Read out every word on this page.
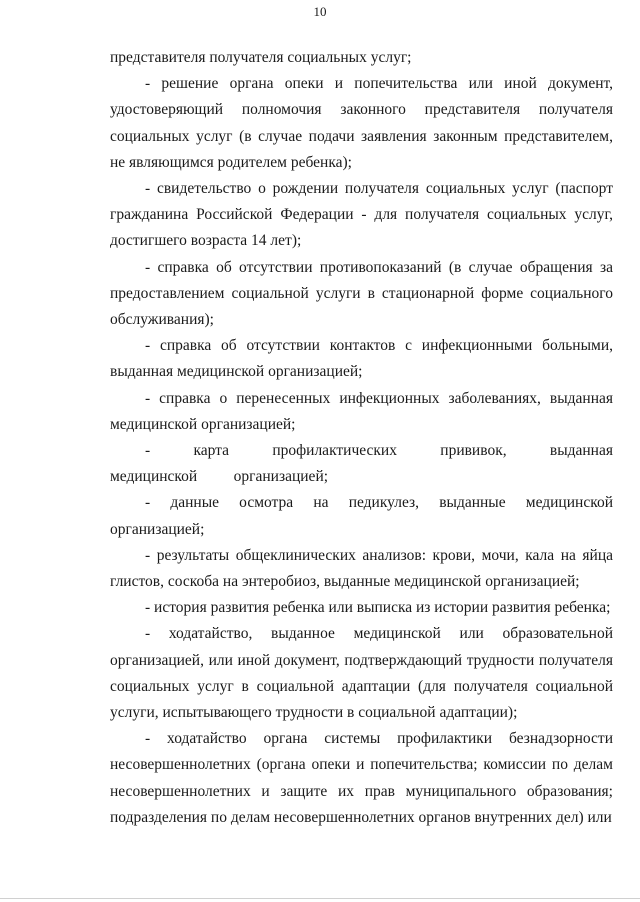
10

представителя получателя социальных услуг;

- решение органа опеки и попечительства или иной документ, удостоверяющий полномочия законного представителя получателя социальных услуг (в случае подачи заявления законным представителем, не являющимся родителем ребенка);

- свидетельство о рождении получателя социальных услуг (паспорт гражданина Российской Федерации - для получателя социальных услуг, достигшего возраста 14 лет);

- справка об отсутствии противопоказаний (в случае обращения за предоставлением социальной услуги в стационарной форме социального обслуживания);

- справка об отсутствии контактов с инфекционными больными, выданная медицинской организацией;

- справка о перенесенных инфекционных заболеваниях, выданная медицинской организацией;

- карта профилактических прививок, выданная медицинской организацией;

- данные осмотра на педикулез, выданные медицинской организацией;

- результаты общеклинических анализов: крови, мочи, кала на яйца глистов, соскоба на энтеробиоз, выданные медицинской организацией;

- история развития ребенка или выписка из истории развития ребенка;

- ходатайство, выданное медицинской или образовательной организацией, или иной документ, подтверждающий трудности получателя социальных услуг в социальной адаптации (для получателя социальной услуги, испытывающего трудности в социальной адаптации);

- ходатайство органа системы профилактики безнадзорности несовершеннолетних (органа опеки и попечительства; комиссии по делам несовершеннолетних и защите их прав муниципального образования; подразделения по делам несовершеннолетних органов внутренних дел) или
